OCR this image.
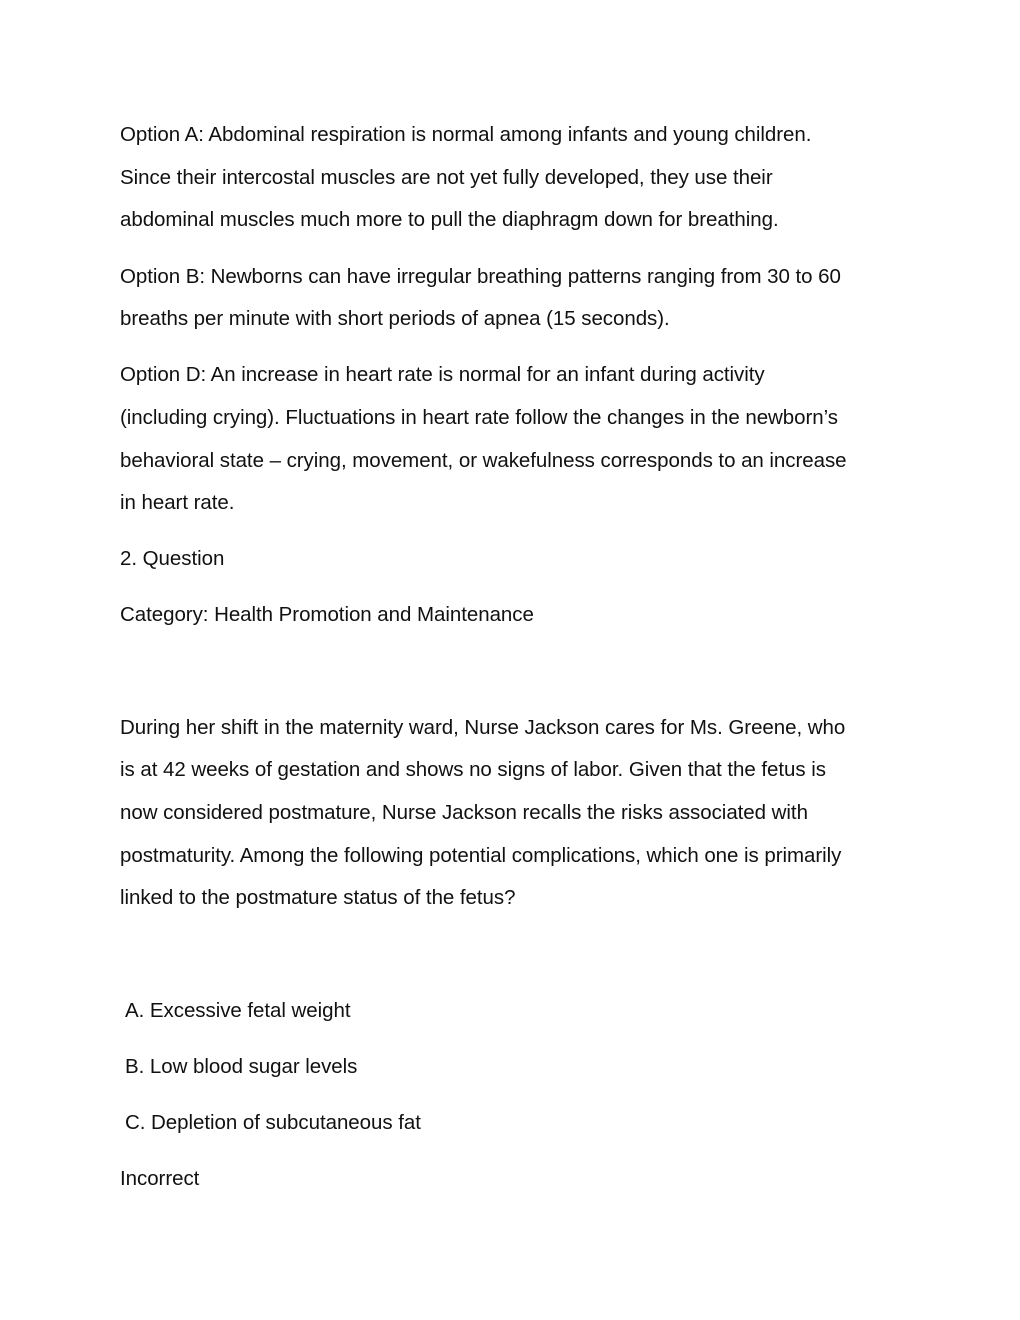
Option A: Abdominal respiration is normal among infants and young children.
Since their intercostal muscles are not yet fully developed, they use their
abdominal muscles much more to pull the diaphragm down for breathing.
Option B: Newborns can have irregular breathing patterns ranging from 30 to 60
breaths per minute with short periods of apnea (15 seconds).
Option D: An increase in heart rate is normal for an infant during activity
(including crying). Fluctuations in heart rate follow the changes in the newborn’s
behavioral state – crying, movement, or wakefulness corresponds to an increase
in heart rate.
2. Question
Category: Health Promotion and Maintenance
During her shift in the maternity ward, Nurse Jackson cares for Ms. Greene, who
is at 42 weeks of gestation and shows no signs of labor. Given that the fetus is
now considered postmature, Nurse Jackson recalls the risks associated with
postmaturity. Among the following potential complications, which one is primarily
linked to the postmature status of the fetus?
A. Excessive fetal weight
B. Low blood sugar levels
C. Depletion of subcutaneous fat
Incorrect
